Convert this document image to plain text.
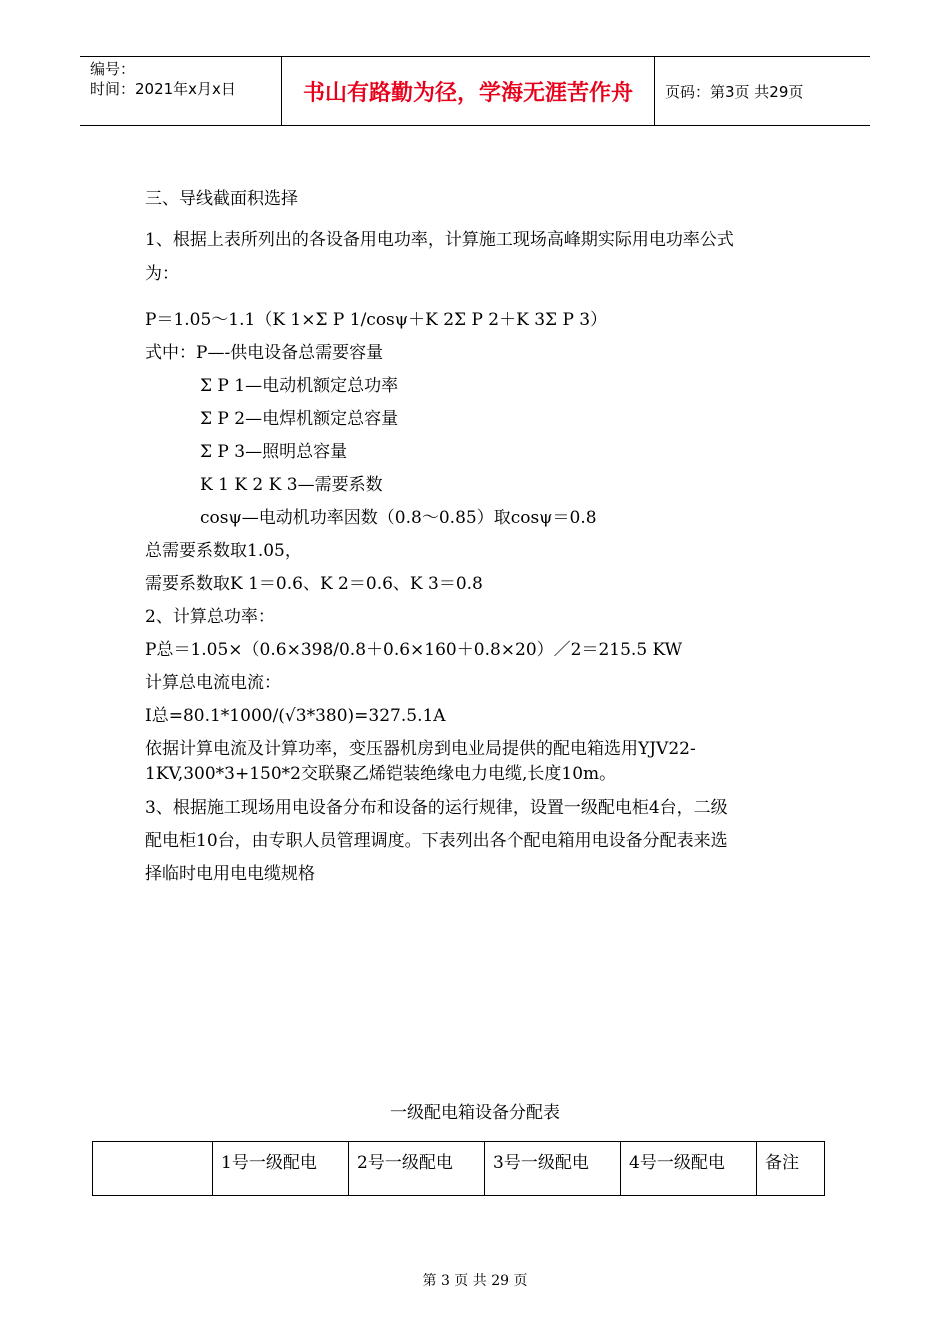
编号：
时间：2021年x月x日	书山有路勤为径，学海无涯苦作舟	页码：第3页 共29页
三、导线截面积选择
1、根据上表所列出的各设备用电功率，计算施工现场高峰期实际用电功率公式
为：
P＝1.05～1.1（K 1×Σ P 1/cosψ＋K 2Σ P 2＋K 3Σ P 3）
式中：P—-供电设备总需要容量
Σ P 1—电动机额定总功率
Σ P 2—电焊机额定总容量
Σ P 3—照明总容量
K 1 K 2 K 3—需要系数
cosψ—电动机功率因数（0.8～0.85）取cosψ＝0.8
总需要系数取1.05，
需要系数取K 1＝0.6、K 2＝0.6、K 3＝0.8
2、计算总功率：
P总＝1.05×（0.6×398/0.8＋0.6×160＋0.8×20）／2＝215.5 KW
计算总电流电流：
I总=80.1*1000/(√3*380)=327.5.1A
依据计算电流及计算功率，变压器机房到电业局提供的配电箱选用YJV22-
1KV,300*3+150*2交联聚乙烯铠装绝缘电力电缆,长度10m。
3、根据施工现场用电设备分布和设备的运行规律，设置一级配电柜4台，二级
配电柜10台，由专职人员管理调度。下表列出各个配电箱用电设备分配表来选
择临时电用电电缆规格
一级配电箱设备分配表
	1号一级配电	2号一级配电	3号一级配电	4号一级配电	备注
第 3 页 共 29 页
